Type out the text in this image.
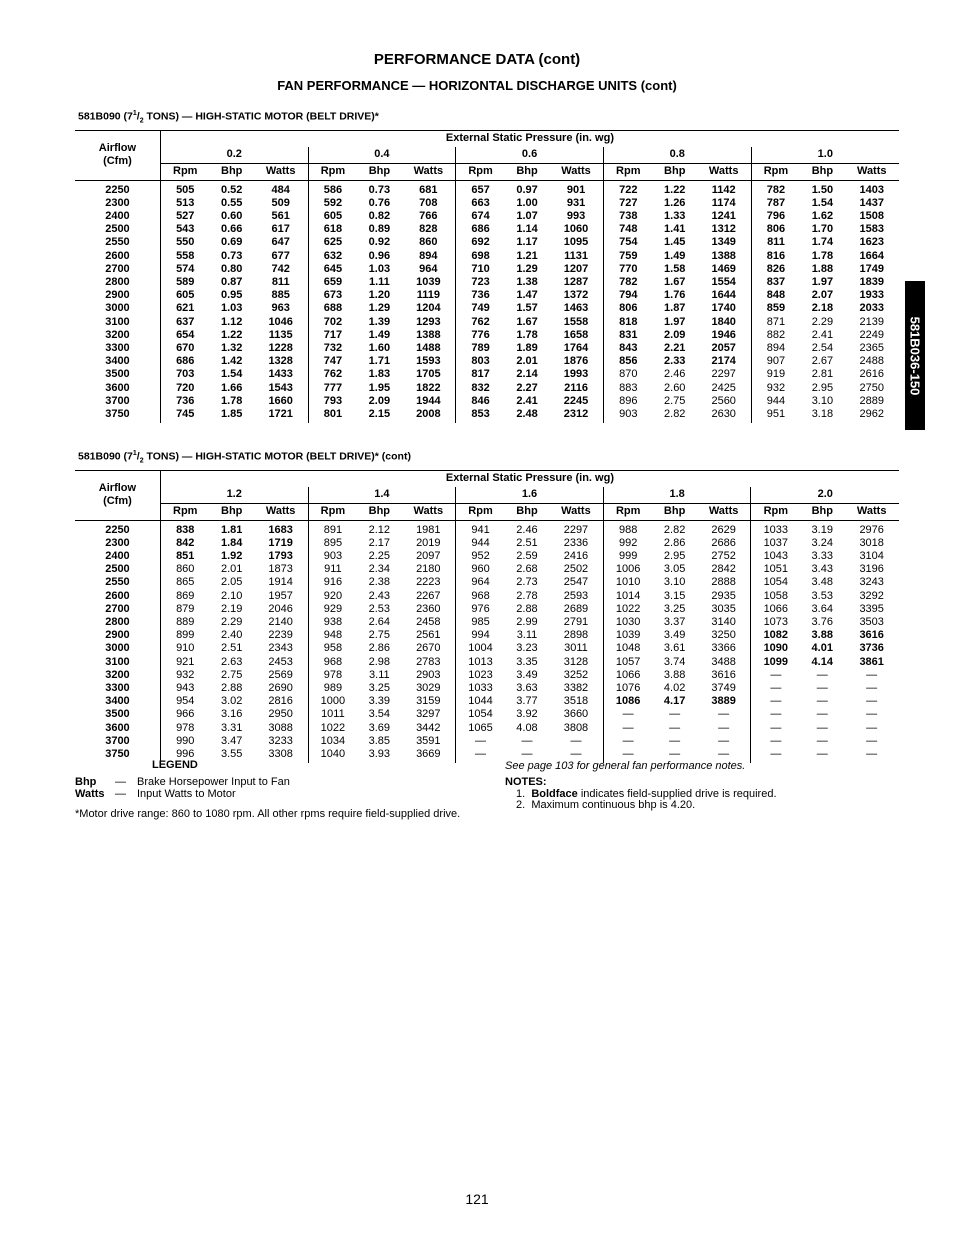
PERFORMANCE DATA (cont)
FAN PERFORMANCE — HORIZONTAL DISCHARGE UNITS (cont)
581B090 ($7^1/_2$ TONS) — HIGH-STATIC MOTOR (BELT DRIVE)*															

Airflow
(Cfm)	External Static Pressure (in. wg)														
	0.2			0.4			0.6			0.8			1.0		
	Rpm	Bhp	Watts	Rpm	Bhp	Watts	Rpm	Bhp	Watts	Rpm	Bhp	Watts	Rpm	Bhp	Watts
2250	505	0.52	484	586	0.73	681	657	0.97	901	722	1.22	1142	782	1.50	1403
2300	513	0.55	509	592	0.76	708	663	1.00	931	727	1.26	1174	787	1.54	1437
2400	527	0.60	561	605	0.82	766	674	1.07	993	738	1.33	1241	796	1.62	1508
2500	543	0.66	617	618	0.89	828	686	1.14	1060	748	1.41	1312	806	1.70	1583
2550	550	0.69	647	625	0.92	860	692	1.17	1095	754	1.45	1349	811	1.74	1623
2600	558	0.73	677	632	0.96	894	698	1.21	1131	759	1.49	1388	816	1.78	1664
2700	574	0.80	742	645	1.03	964	710	1.29	1207	770	1.58	1469	826	1.88	1749
2800	589	0.87	811	659	1.11	1039	723	1.38	1287	782	1.67	1554	837	1.97	1839
2900	605	0.95	885	673	1.20	1119	736	1.47	1372	794	1.76	1644	848	2.07	1933
3000	621	1.03	963	688	1.29	1204	749	1.57	1463	806	1.87	1740	859	2.18	2033
3100	637	1.12	1046	702	1.39	1293	762	1.67	1558	818	1.97	1840	871	2.29	2139
3200	654	1.22	1135	717	1.49	1388	776	1.78	1658	831	2.09	1946	882	2.41	2249
3300	670	1.32	1228	732	1.60	1488	789	1.89	1764	843	2.21	2057	894	2.54	2365
3400	686	1.42	1328	747	1.71	1593	803	2.01	1876	856	2.33	2174	907	2.67	2488
3500	703	1.54	1433	762	1.83	1705	817	2.14	1993	870	2.46	2297	919	2.81	2616
3600	720	1.66	1543	777	1.95	1822	832	2.27	2116	883	2.60	2425	932	2.95	2750
3700	736	1.78	1660	793	2.09	1944	846	2.41	2245	896	2.75	2560	944	3.10	2889
3750	745	1.85	1721	801	2.15	2008	853	2.48	2312	903	2.82	2630	951	3.18	2962
581B090 ($7^1/_2$ TONS) — HIGH-STATIC MOTOR (BELT DRIVE)* (cont)															

Airflow
(Cfm)	External Static Pressure (in. wg)														
	1.2			1.4			1.6			1.8			2.0		
	Rpm	Bhp	Watts	Rpm	Bhp	Watts	Rpm	Bhp	Watts	Rpm	Bhp	Watts	Rpm	Bhp	Watts
2250	838	1.81	1683	891	2.12	1981	941	2.46	2297	988	2.82	2629	1033	3.19	2976
2300	842	1.84	1719	895	2.17	2019	944	2.51	2336	992	2.86	2686	1037	3.24	3018
2400	851	1.92	1793	903	2.25	2097	952	2.59	2416	999	2.95	2752	1043	3.33	3104
2500	860	2.01	1873	911	2.34	2180	960	2.68	2502	1006	3.05	2842	1051	3.43	3196
2550	865	2.05	1914	916	2.38	2223	964	2.73	2547	1010	3.10	2888	1054	3.48	3243
2600	869	2.10	1957	920	2.43	2267	968	2.78	2593	1014	3.15	2935	1058	3.53	3292
2700	879	2.19	2046	929	2.53	2360	976	2.88	2689	1022	3.25	3035	1066	3.64	3395
2800	889	2.29	2140	938	2.64	2458	985	2.99	2791	1030	3.37	3140	1073	3.76	3503
2900	899	2.40	2239	948	2.75	2561	994	3.11	2898	1039	3.49	3250	1082	3.88	3616
3000	910	2.51	2343	958	2.86	2670	1004	3.23	3011	1048	3.61	3366	1090	4.01	3736
3100	921	2.63	2453	968	2.98	2783	1013	3.35	3128	1057	3.74	3488	1099	4.14	3861
3200	932	2.75	2569	978	3.11	2903	1023	3.49	3252	1066	3.88	3616	—	—	—
3300	943	2.88	2690	989	3.25	3029	1033	3.63	3382	1076	4.02	3749	—	—	—
3400	954	3.02	2816	1000	3.39	3159	1044	3.77	3518	1086	4.17	3889	—	—	—
3500	966	3.16	2950	1011	3.54	3297	1054	3.92	3660	—	—	—	—	—	—
3600	978	3.31	3088	1022	3.69	3442	1065	4.08	3808	—	—	—	—	—	—
3700	990	3.47	3233	1034	3.85	3591	—	—	—	—	—	—	—	—	—
3750	996	3.55	3308	1040	3.93	3669	—	—	—	—	—	—	—	—	—
581B036-150
LEGEND
Bhp — Brake Horsepower Input to Fan
Watts — Input Watts to Motor
*Motor drive range: 860 to 1080 rpm. All other rpms require field-supplied drive.
See page 103 for general fan performance notes.
NOTES:
1. Boldface indicates field-supplied drive is required.
2. Maximum continuous bhp is 4.20.
121
